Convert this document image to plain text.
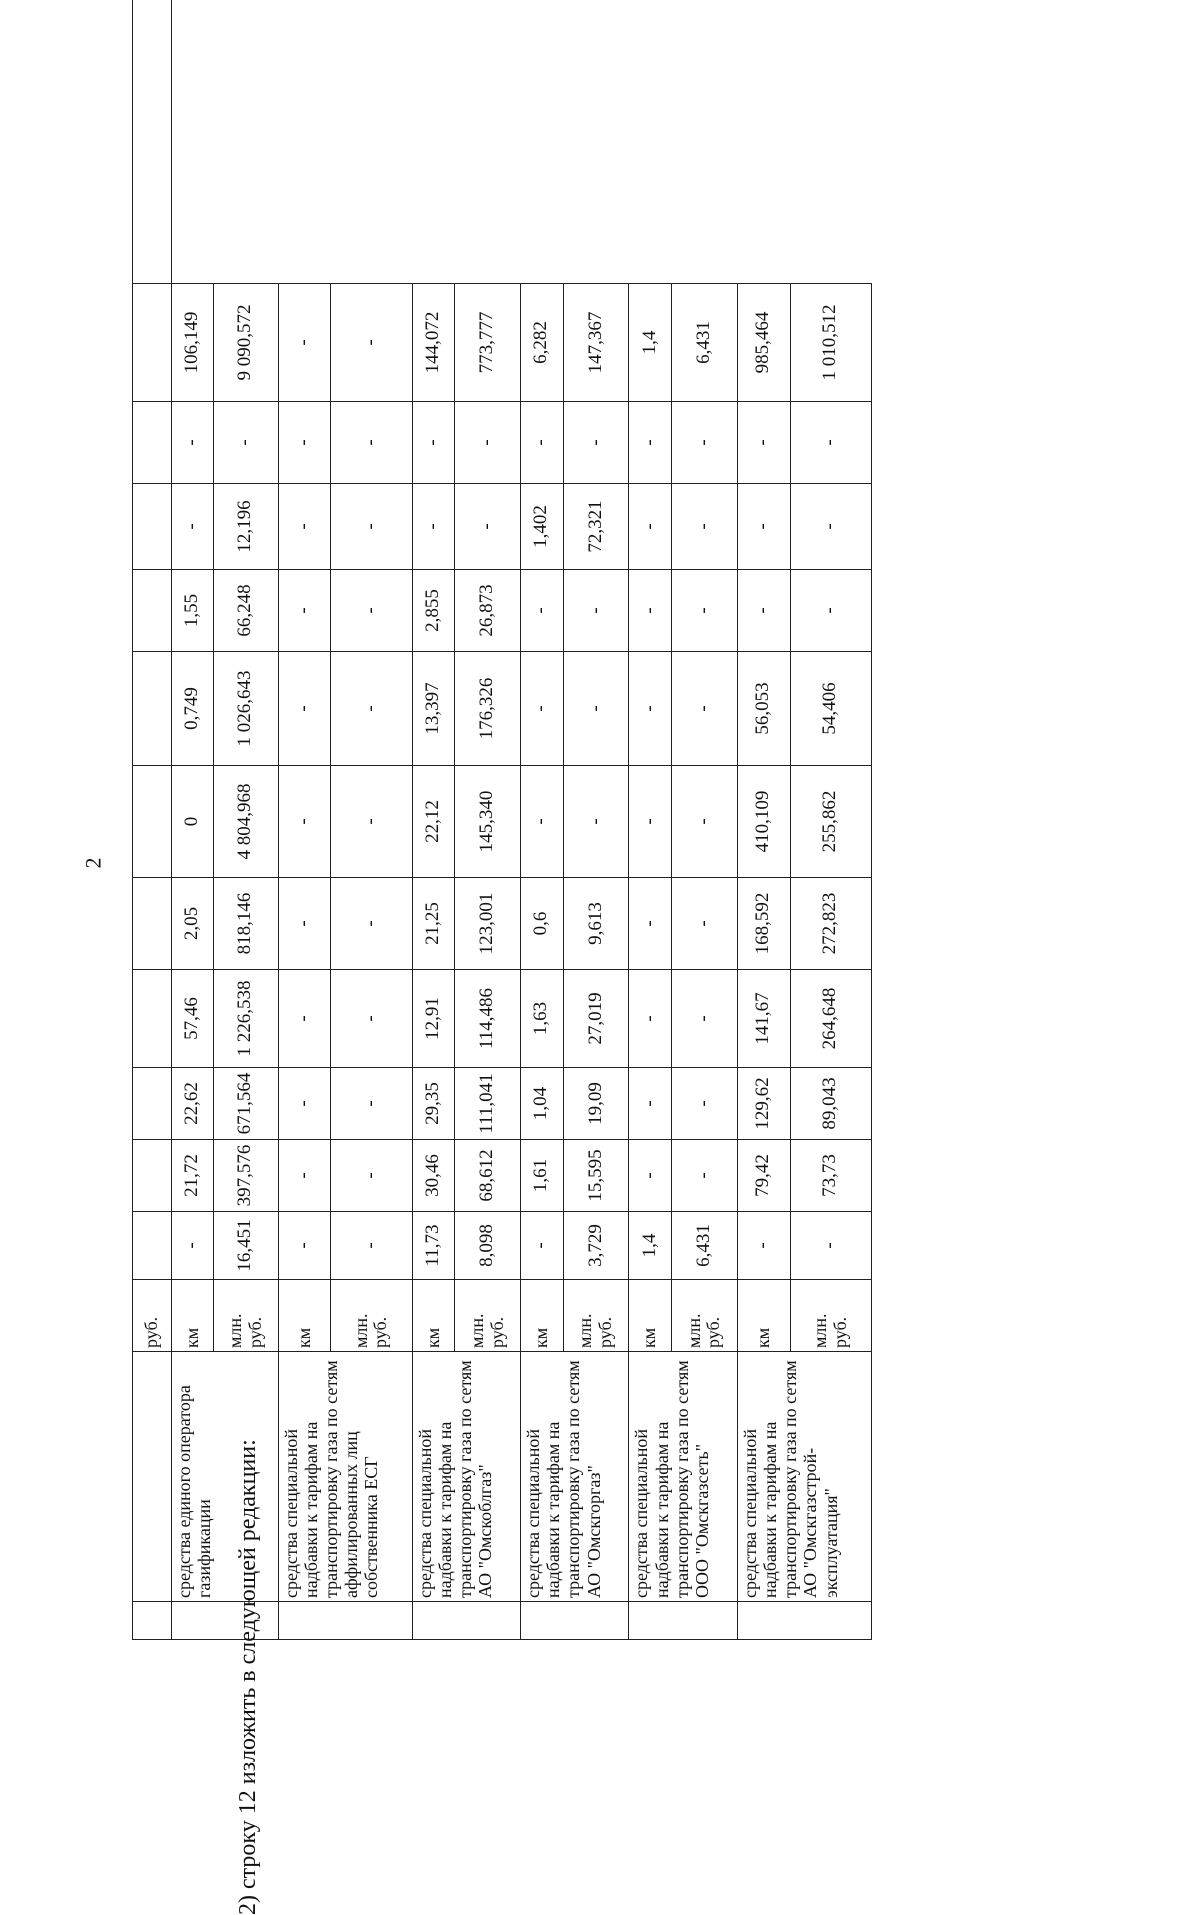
2
		руб.												
	средства единого оператора газификации	км	-	21,72	22,62	57,46	2,05	0	0,749	1,55	-	-	106,149	
		млн. руб.	16,451	397,576	671,564	1 226,538	818,146	4 804,968	1 026,643	66,248	12,196	-	9 090,572	
	средства специальной надбавки к тарифам на транспортировку газа по сетям аффилированных лиц собственника ЕСГ	км	-	-	-	-	-	-	-	-	-	-	-	
		млн. руб.	-	-	-	-	-	-	-	-	-	-	-	
	средства специальной надбавки к тарифам на транспортировку газа по сетям АО "Омскоблгаз"	км	11,73	30,46	29,35	12,91	21,25	22,12	13,397	2,855	-	-	144,072	
		млн. руб.	8,098	68,612	111,041	114,486	123,001	145,340	176,326	26,873	-	-	773,777	
	средства специальной надбавки к тарифам на транспортировку газа по сетям АО "Омскгоргаз"	км	-	1,61	1,04	1,63	0,6	-	-	-	1,402	-	6,282	
		млн. руб.	3,729	15,595	19,09	27,019	9,613	-	-	-	72,321	-	147,367	
	средства специальной надбавки к тарифам на транспортировку газа по сетям ООО "Омскгазсеть"	км	1,4	-	-	-	-	-	-	-	-	-	1,4	
		млн. руб.	6,431	-	-	-	-	-	-	-	-	-	6,431	
	средства специальной надбавки к тарифам на транспортировку газа по сетям АО "Омскгазстрой-эксплуатация"	км	-	79,42	129,62	141,67	168,592	410,109	56,053	-	-	-	985,464	
		млн. руб.	-	73,73	89,043	264,648	272,823	255,862	54,406	-	-	-	1 010,512	
2) строку 12 изложить в следующей редакции:
